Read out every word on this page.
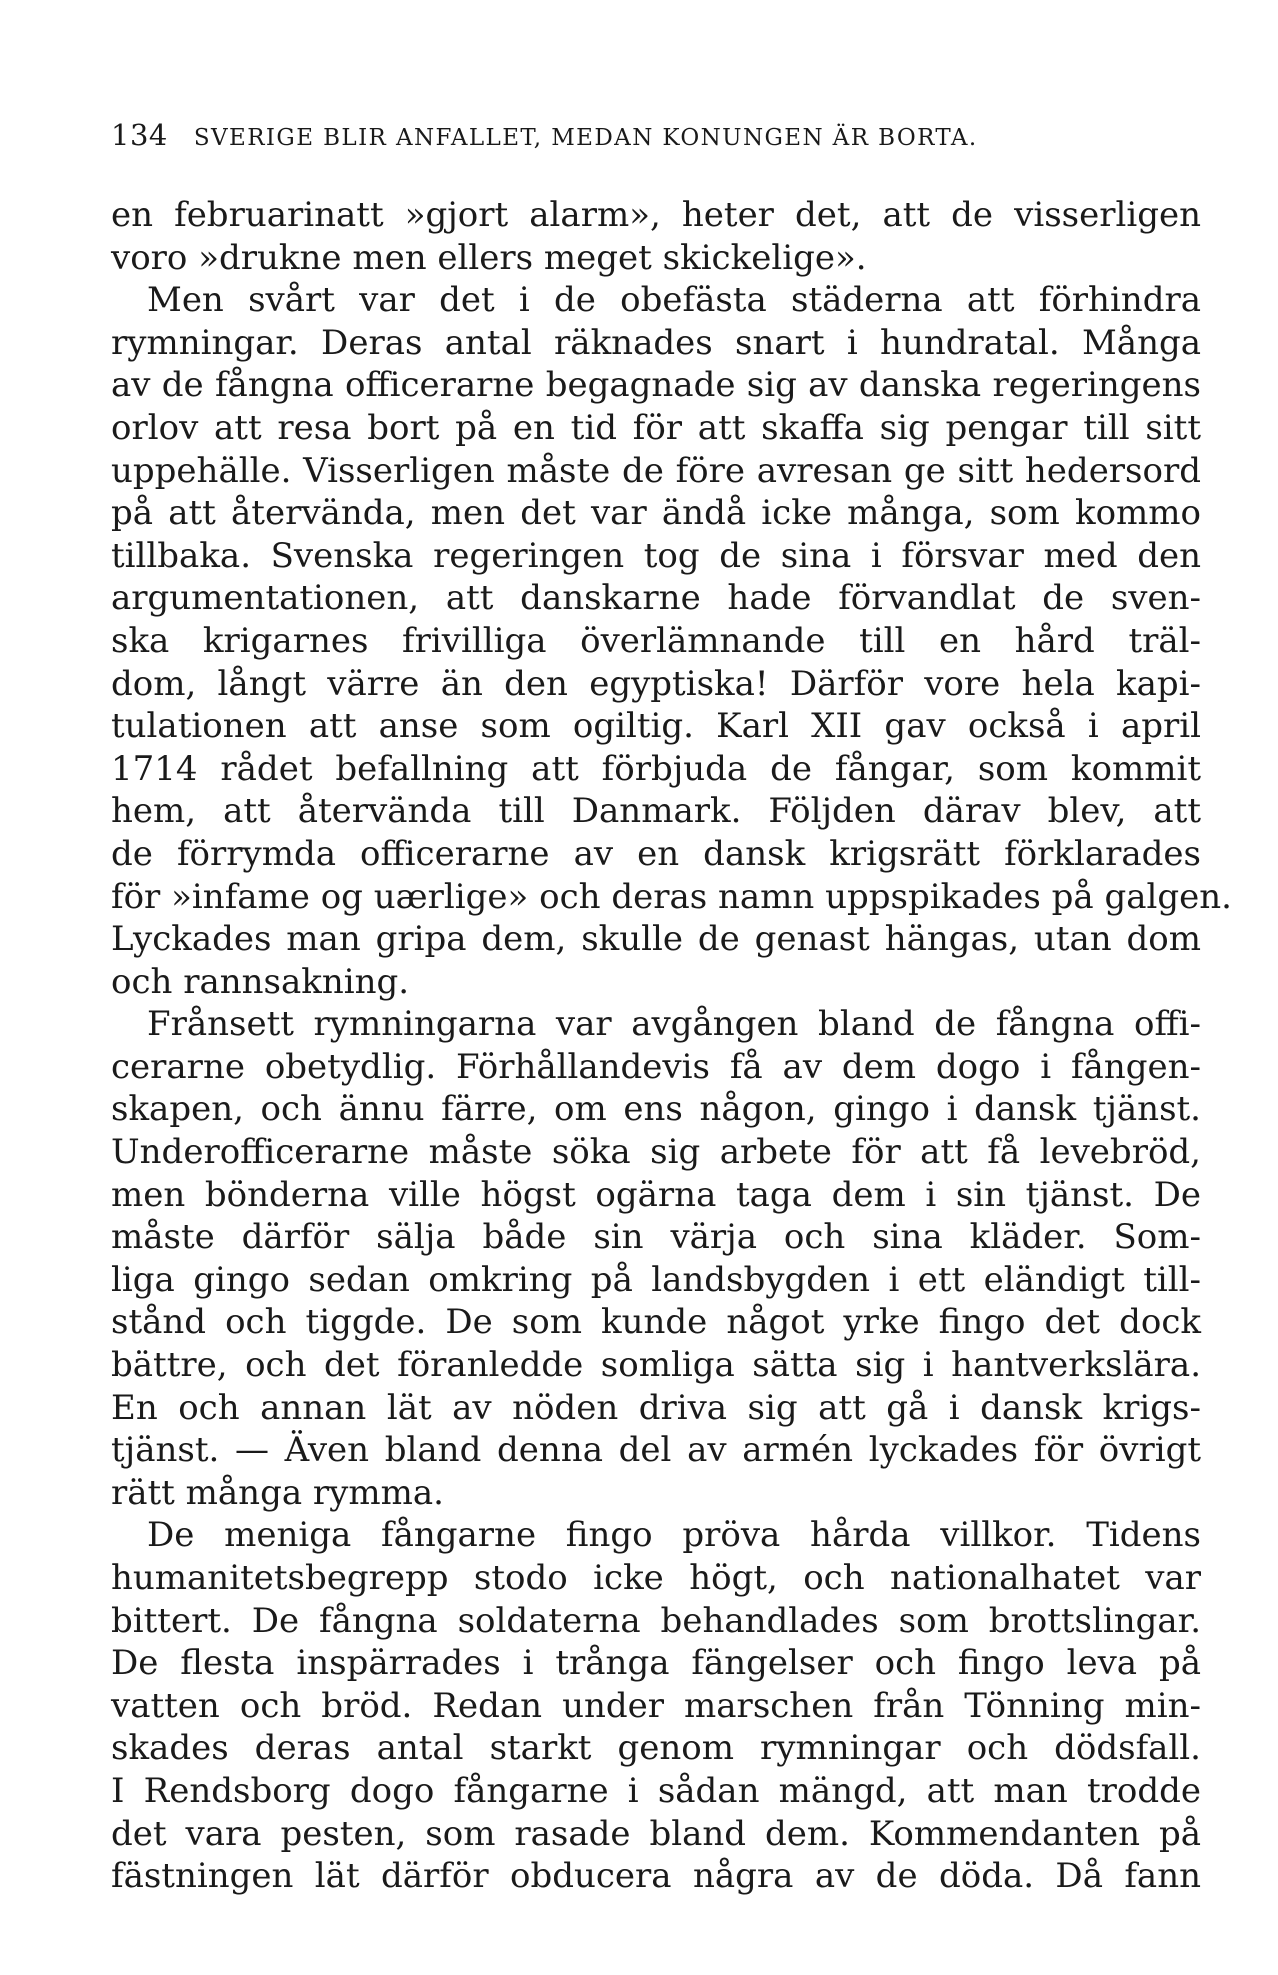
134 SVERIGE BLIR ANFALLET, MEDAN KONUNGEN ÄR BORTA.
en februarinatt »gjort alarm», heter det, att de visserligen
voro »drukne men ellers meget skickelige».
Men svårt var det i de obefästa städerna att förhindra
rymningar. Deras antal räknades snart i hundratal. Många
av de fångna officerarne begagnade sig av danska regeringens
orlov att resa bort på en tid för att skaffa sig pengar till sitt
uppehälle. Visserligen måste de före avresan ge sitt hedersord
på att återvända, men det var ändå icke många, som kommo
tillbaka. Svenska regeringen tog de sina i försvar med den
argumentationen, att danskarne hade förvandlat de sven-
ska krigarnes frivilliga överlämnande till en hård träl-
dom, långt värre än den egyptiska! Därför vore hela kapi-
tulationen att anse som ogiltig. Karl XII gav också i april
1714 rådet befallning att förbjuda de fångar, som kommit
hem, att återvända till Danmark. Följden därav blev, att
de förrymda officerarne av en dansk krigsrätt förklarades
för »infame og uærlige» och deras namn uppspikades på galgen.
Lyckades man gripa dem, skulle de genast hängas, utan dom
och rannsakning.
Frånsett rymningarna var avgången bland de fångna offi-
cerarne obetydlig. Förhållandevis få av dem dogo i fången-
skapen, och ännu färre, om ens någon, gingo i dansk tjänst.
Underofficerarne måste söka sig arbete för att få levebröd,
men bönderna ville högst ogärna taga dem i sin tjänst. De
måste därför sälja både sin värja och sina kläder. Som-
liga gingo sedan omkring på landsbygden i ett eländigt till-
stånd och tiggde. De som kunde något yrke fingo det dock
bättre, och det föranledde somliga sätta sig i hantverkslära.
En och annan lät av nöden driva sig att gå i dansk krigs-
tjänst. — Även bland denna del av armén lyckades för övrigt
rätt många rymma.
De meniga fångarne fingo pröva hårda villkor. Tidens
humanitetsbegrepp stodo icke högt, och nationalhatet var
bittert. De fångna soldaterna behandlades som brottslingar.
De flesta inspärrades i trånga fängelser och fingo leva på
vatten och bröd. Redan under marschen från Tönning min-
skades deras antal starkt genom rymningar och dödsfall.
I Rendsborg dogo fångarne i sådan mängd, att man trodde
det vara pesten, som rasade bland dem. Kommendanten på
fästningen lät därför obducera några av de döda. Då fann
